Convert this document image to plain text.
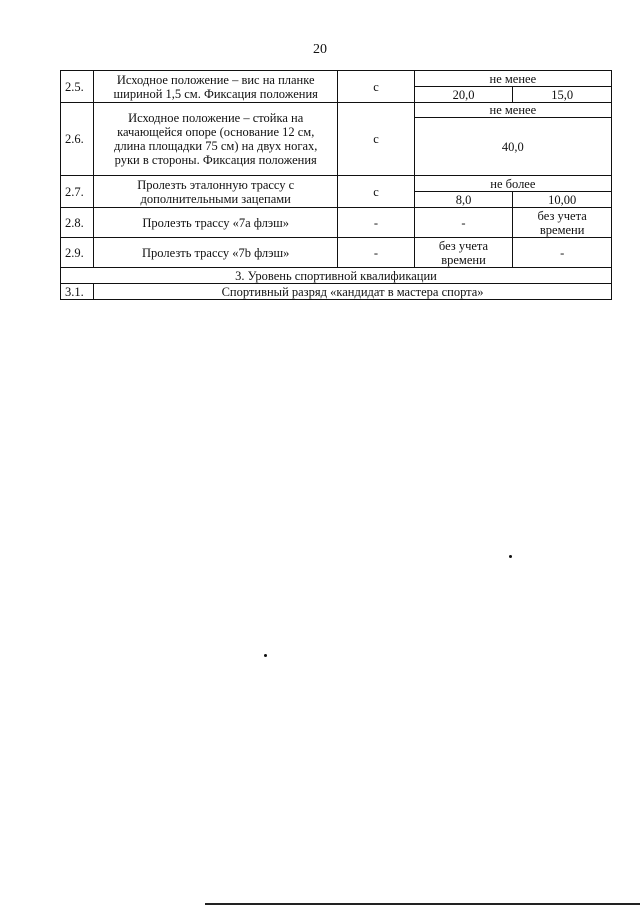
20
2.5.	Исходное положение – вис на планке шириной 1,5 см. Фиксация положения	с	не менее	
			20,0	15,0
2.6.	Исходное положение – стойка на качающейся опоре (основание 12 см, длина площадки 75 см) на двух ногах, руки в стороны. Фиксация положения	с	не менее	
			40,0	
2.7.	Пролезть эталонную трассу с дополнительными зацепами	с	не более	
			8,0	10,00
2.8.	Пролезть трассу «7а флэш»	-	-	без учета времени
2.9.	Пролезть трассу «7b флэш»	-	без учета времени	-
3. Уровень спортивной квалификации				
3.1.	Спортивный разряд «кандидат в мастера спорта»			
